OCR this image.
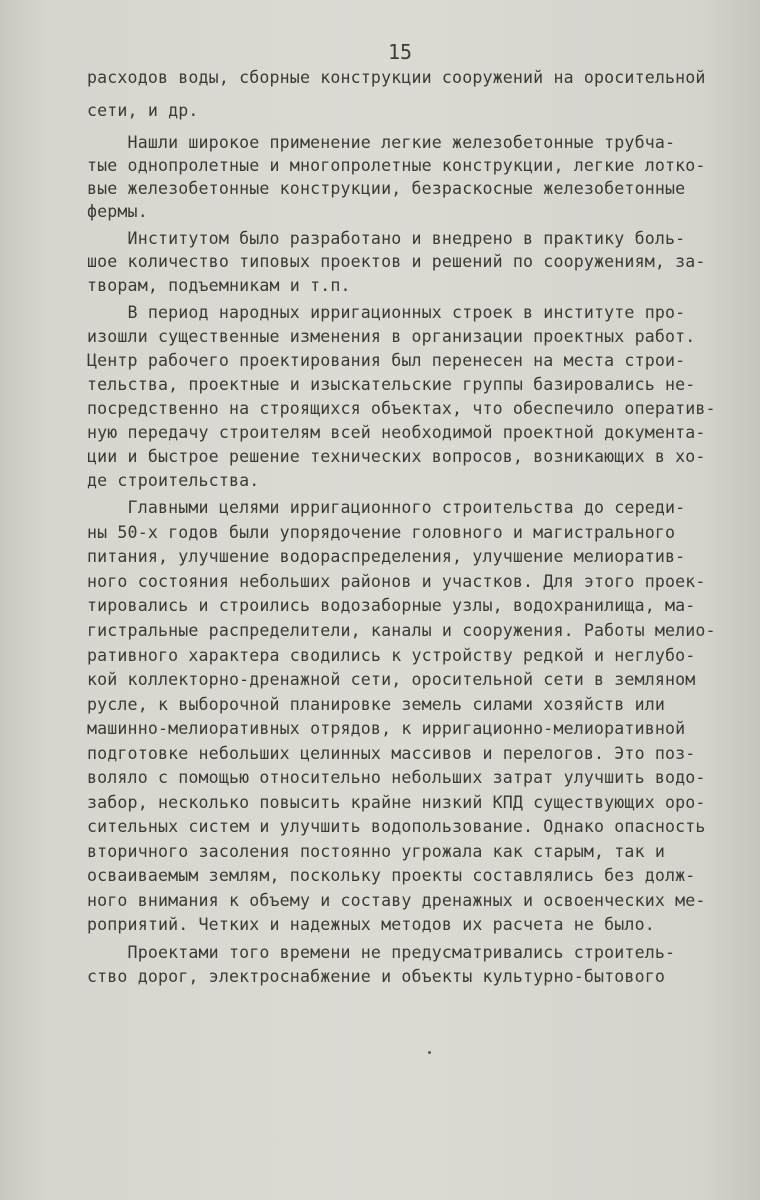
15
расходов воды, сборные конструкции сооружений на оросительной
сети, и др.
Нашли широкое применение легкие железобетонные трубча-
тые однопролетные и многопролетные конструкции, легкие лотко-
вые железобетонные конструкции, безраскосные железобетонные
фермы.
Институтом было разработано и внедрено в практику боль-
шое количество типовых проектов и решений по сооружениям, за-
творам, подъемникам и т.п.
В период народных ирригационных строек в институте про-
изошли существенные изменения в организации проектных работ.
Центр рабочего проектирования был перенесен на места строи-
тельства, проектные и изыскательские группы базировались не-
посредственно на строящихся объектах, что обеспечило оператив-
ную передачу строителям всей необходимой проектной документа-
ции и быстрое решение технических вопросов, возникающих в хо-
де строительства.
Главными целями ирригационного строительства до середи-
ны 50-х годов были упорядочение головного и магистрального
питания, улучшение водораспределения, улучшение мелиоратив-
ного состояния небольших районов и участков. Для этого проек-
тировались и строились водозаборные узлы, водохранилища, ма-
гистральные распределители, каналы и сооружения. Работы мелио-
ративного характера сводились к устройству редкой и неглубо-
кой коллекторно-дренажной сети, оросительной сети в земляном
русле, к выборочной планировке земель силами хозяйств или
машинно-мелиоративных отрядов, к ирригационно-мелиоративной
подготовке небольших целинных массивов и перелогов. Это поз-
воляло с помощью относительно небольших затрат улучшить водо-
забор, несколько повысить крайне низкий КПД существующих оро-
сительных систем и улучшить водопользование. Однако опасность
вторичного засоления постоянно угрожала как старым, так и
осваиваемым землям, поскольку проекты составлялись без долж-
ного внимания к объему и составу дренажных и освоенческих ме-
роприятий. Четких и надежных методов их расчета не было.
Проектами того времени не предусматривались строитель-
ство дорог, электроснабжение и объекты культурно-бытового
